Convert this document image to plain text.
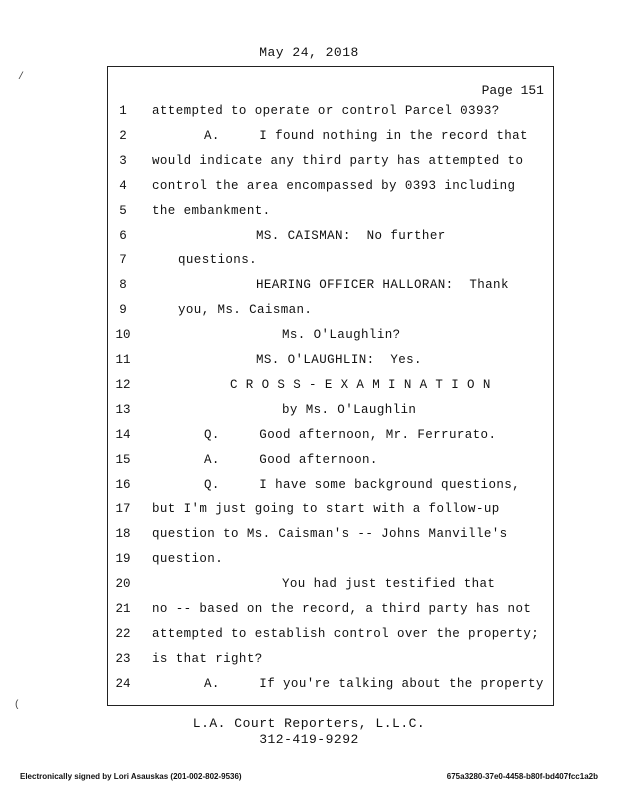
May 24, 2018
Page 151
1	attempted to operate or control Parcel 0393?
2	A.     I found nothing in the record that
3	would indicate any third party has attempted to
4	control the area encompassed by 0393 including
5	the embankment.
6	MS. CAISMAN:  No further
7	questions.
8	HEARING OFFICER HALLORAN:  Thank
9	you, Ms. Caisman.
10	Ms. O'Laughlin?
11	MS. O'LAUGHLIN:  Yes.
12	C R O S S - E X A M I N A T I O N
13	by Ms. O'Laughlin
14	Q.     Good afternoon, Mr. Ferrurato.
15	A.     Good afternoon.
16	Q.     I have some background questions,
17	but I'm just going to start with a follow-up
18	question to Ms. Caisman's -- Johns Manville's
19	question.
20	You had just testified that
21	no -- based on the record, a third party has not
22	attempted to establish control over the property;
23	is that right?
24	A.     If you're talking about the property
L.A. Court Reporters, L.L.C.
312-419-9292
Electronically signed by Lori Asauskas (201-002-802-9536)	675a3280-37e0-4458-b80f-bd407fcc1a2b
/
(
